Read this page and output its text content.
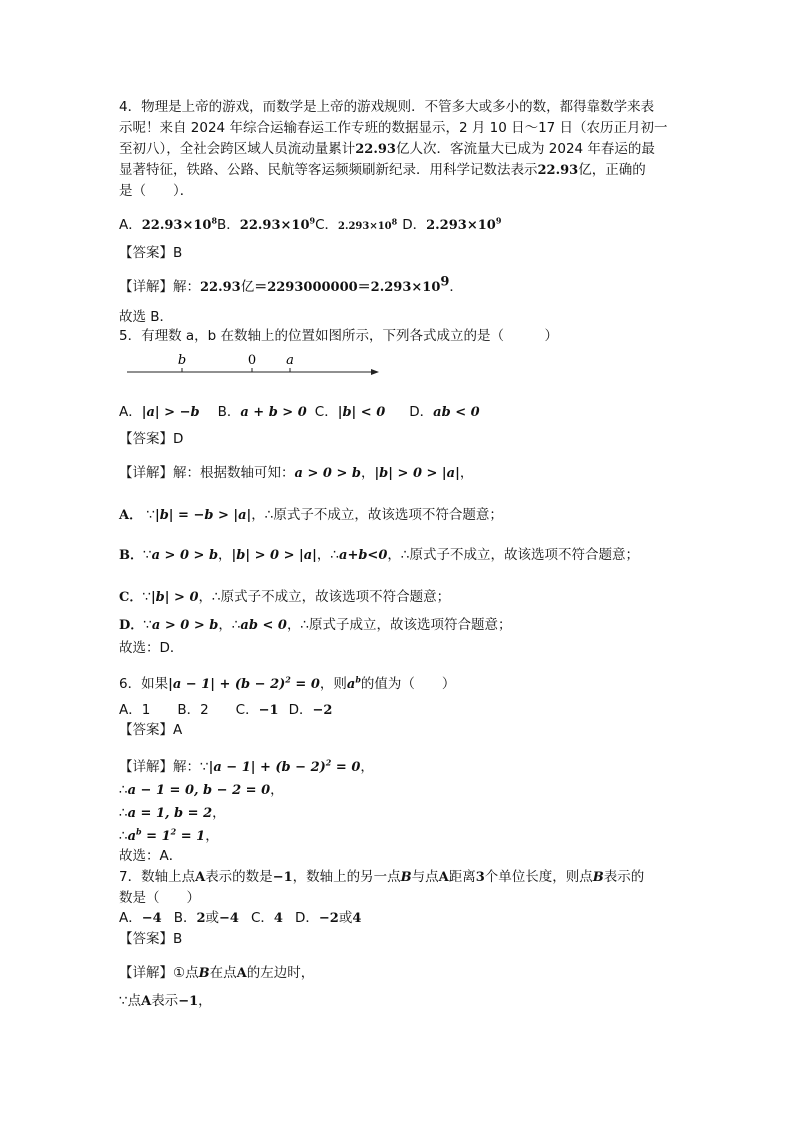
4．物理是上帝的游戏，而数学是上帝的游戏规则．不管多大或多小的数，都得靠数学来表
示呢！来自 2024 年综合运输春运工作专班的数据显示，2 月 10 日～17 日（农历正月初一
至初八），全社会跨区域人员流动量累计22.93亿人次．客流量大已成为 2024 年春运的最
显著特征，铁路、公路、民航等客运频频刷新纪录．用科学记数法表示22.93亿，正确的
是（　　）．
A．$22.93\times 10^8B$．$22.93\times 10^9C$．$2.293\times 10^8$ D．$2.293\times 10^9$
【答案】B
【详解】解：22.93亿$=2293000000=2.293\times 10^9$．
故选 B．
5．有理数 a，b 在数轴上的位置如图所示，下列各式成立的是（　　　）
b	0 a
A．|a| > −b B．a + b > 0 C．|b| < 0 D．ab < 0
【答案】D
【详解】解：根据数轴可知：a > 0 > b，|b| > 0 > |a|，
A． ∵|b| = −b > |a|，∴原式子不成立，故该选项不符合题意；
B．∵a > 0 > b，|b| > 0 > |a|，∴a+b<0，∴原式子不成立，故该选项不符合题意；
C．∵|b| > 0，∴原式子不成立，故该选项不符合题意；
D．∵a > 0 > b，∴ab < 0，∴原式子成立，故该选项符合题意；
故选：D．
6．如果$|a - 1| + (b - 2)^2 = 0$，则$a^b$的值为（　　）
A．1　　B．2　　C．−1 D．−2
【答案】A
【详解】解：∵|a − $1| + (b - 2)^2 = 0$，
∴a − 1 = 0, b − 2 = 0，
∴a = 1, b = 2，
$\therefore a^b = 1^2 = 1$，
故选：A．
7．数轴上点A表示的数是−1，数轴上的另一点B与点A距离3个单位长度，则点B表示的
数是（　　）
A．−4 B．2或−4 C．4 D．−2或4
【答案】B
【详解】①点B在点A的左边时，
∵点A表示−1，
